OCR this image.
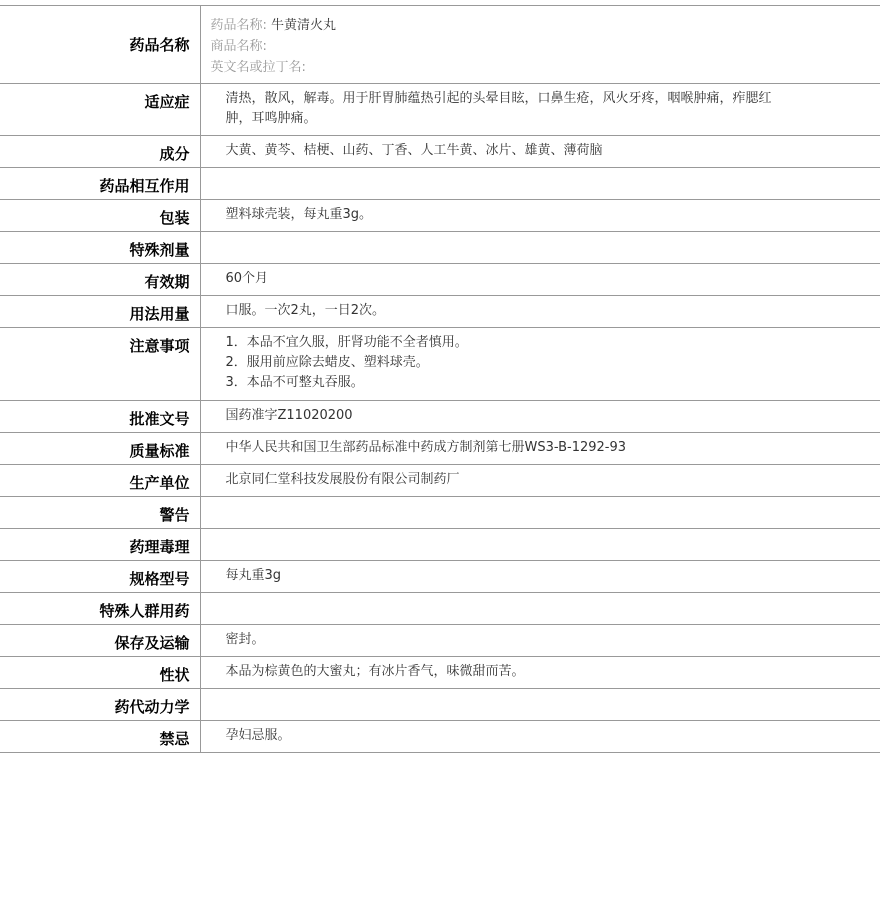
药品名称	药品名称: 牛黄清火丸
商品名称:
英文名或拉丁名:

适应症	清热，散风，解毒。用于肝胃肺蕴热引起的头晕目眩，口鼻生疮，风火牙疼，咽喉肿痛，痄腮红肿，耳鸣肿痛。
成分	大黄、黄芩、桔梗、山药、丁香、人工牛黄、冰片、雄黄、薄荷脑
药品相互作用	
包装	塑料球壳装，每丸重3g。
特殊剂量	
有效期	60个月
用法用量	口服。一次2丸，一日2次。
注意事项	1．本品不宜久服，肝肾功能不全者慎用。
2．服用前应除去蜡皮、塑料球壳。
3．本品不可整丸吞服。

批准文号	国药准字Z11020200
质量标准	中华人民共和国卫生部药品标准中药成方制剂第七册WS3-B-1292-93
生产单位	北京同仁堂科技发展股份有限公司制药厂
警告	
药理毒理	
规格型号	每丸重3g
特殊人群用药	
保存及运输	密封。
性状	本品为棕黄色的大蜜丸；有冰片香气，味微甜而苦。
药代动力学	
禁忌	孕妇忌服。
